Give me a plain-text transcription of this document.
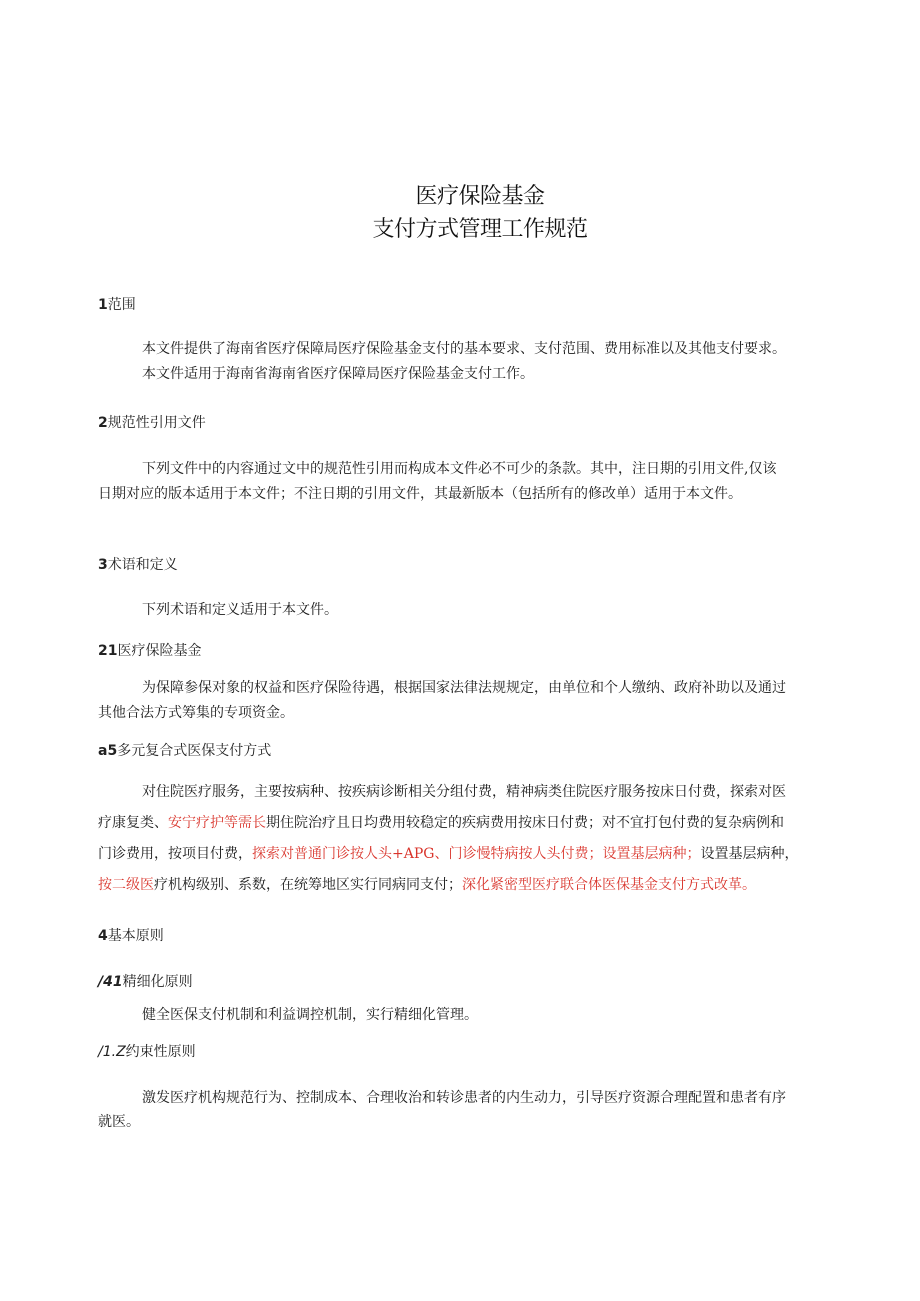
医疗保险基金
支付方式管理工作规范
1范围
本文件提供了海南省医疗保障局医疗保险基金支付的基本要求、支付范围、费用标准以及其他支付要求。
本文件适用于海南省海南省医疗保障局医疗保险基金支付工作。
2规范性引用文件
下列文件中的内容通过文中的规范性引用而构成本文件必不可少的条款。其中，注日期的引用文件,仅该
日期对应的版本适用于本文件；不注日期的引用文件，其最新版本（包括所有的修改单）适用于本文件。
3术语和定义
下列术语和定义适用于本文件。
21医疗保险基金
为保障参保对象的权益和医疗保险待遇，根据国家法律法规规定，由单位和个人缴纳、政府补助以及通过
其他合法方式筹集的专项资金。
a5多元复合式医保支付方式
对住院医疗服务，主要按病种、按疾病诊断相关分组付费，精神病类住院医疗服务按床日付费，探索对医
疗康复类、安宁疗护等需长期住院治疗且日均费用较稳定的疾病费用按床日付费；对不宜打包付费的复杂病例和
门诊费用，按项目付费，探索对普通门诊按人头+APG、门诊慢特病按人头付费；设置基层病种；设置基层病种，
按二级医疗机构级别、系数，在统筹地区实行同病同支付；深化紧密型医疗联合体医保基金支付方式改革。
4基本原则
/41精细化原则
健全医保支付机制和利益调控机制，实行精细化管理。
/1.Z约束性原则
激发医疗机构规范行为、控制成本、合理收治和转诊患者的内生动力，引导医疗资源合理配置和患者有序
就医。
